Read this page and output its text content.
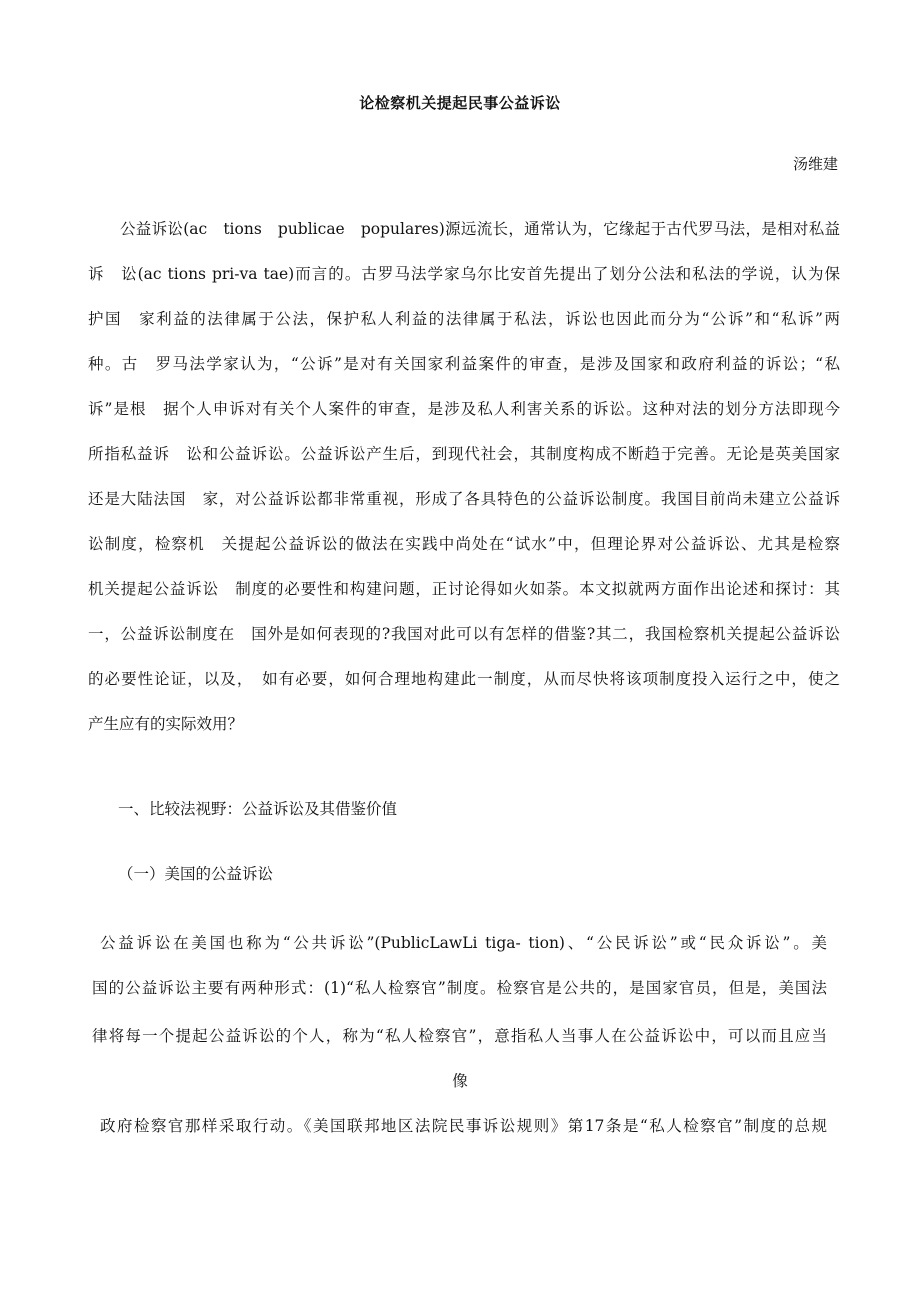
论检察机关提起民事公益诉讼
汤维建
公益诉讼(ac　tions　publicae　populares)源远流长，通常认为，它缘起于古代罗马法，是相对私益
诉　讼(ac tions pri-va tae)而言的。古罗马法学家乌尔比安首先提出了划分公法和私法的学说，认为保
护国　家利益的法律属于公法，保护私人利益的法律属于私法，诉讼也因此而分为“公诉”和“私诉”两
种。古　罗马法学家认为，“公诉”是对有关国家利益案件的审查，是涉及国家和政府利益的诉讼；“私
诉”是根　据个人申诉对有关个人案件的审查，是涉及私人利害关系的诉讼。这种对法的划分方法即现今
所指私益诉　讼和公益诉讼。公益诉讼产生后，到现代社会，其制度构成不断趋于完善。无论是英美国家
还是大陆法国　家，对公益诉讼都非常重视，形成了各具特色的公益诉讼制度。我国目前尚未建立公益诉
讼制度，检察机　关提起公益诉讼的做法在实践中尚处在“试水”中，但理论界对公益诉讼、尤其是检察
机关提起公益诉讼　制度的必要性和构建问题，正讨论得如火如荼。本文拟就两方面作出论述和探讨：其
一，公益诉讼制度在　国外是如何表现的?我国对此可以有怎样的借鉴?其二，我国检察机关提起公益诉讼
的必要性论证，以及，　如有必要，如何合理地构建此一制度，从而尽快将该项制度投入运行之中，使之
产生应有的实际效用？
一、比较法视野：公益诉讼及其借鉴价值
（一）美国的公益诉讼
公益诉讼在美国也称为“公共诉讼”(PublicLawLi tiga- tion)、“公民诉讼”或“民众诉讼”。美
国的公益诉讼主要有两种形式：(1)“私人检察官”制度。检察官是公共的，是国家官员，但是，美国法
律将每一个提起公益诉讼的个人，称为“私人检察官”，意指私人当事人在公益诉讼中，可以而且应当
像
政府检察官那样采取行动。《美国联邦地区法院民事诉讼规则》第17条是“私人检察官”制度的总规
